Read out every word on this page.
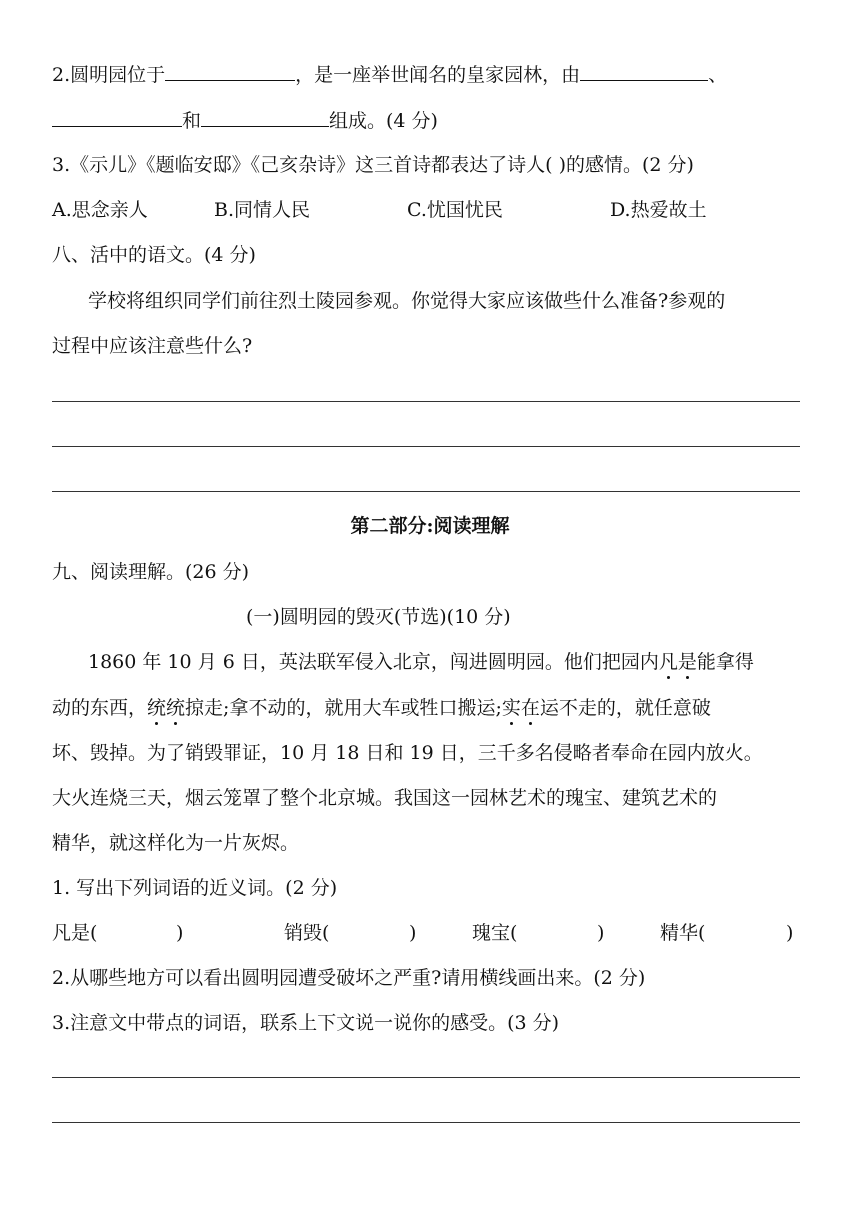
2.圆明园位于	，是一座举世闻名的皇家园林，由	、
和	组成。(4 分)
3.《示儿》《题临安邸》《己亥杂诗》这三首诗都表达了诗人( )的感情。(2 分)
A.思念亲人	B.同情人民	C.忧国忧民	D.热爱故土
八、活中的语文。(4 分)
学校将组织同学们前往烈土陵园参观。你觉得大家应该做些什么准备?参观的
过程中应该注意些什么?
第二部分:阅读理解
九、阅读理解。(26 分)
(一)圆明园的毁灭(节选)(10 分)
1860 年 10 月 6 日，英法联军侵入北京，闯进圆明园。他们把园内凡是能拿得
动的东西，统统掠走;拿不动的，就用大车或牲口搬运;实在运不走的，就任意破
坏、毁掉。为了销毁罪证，10 月 18 日和 19 日，三千多名侵略者奉命在园内放火。
大火连烧三天，烟云笼罩了整个北京城。我国这一园林艺术的瑰宝、建筑艺术的
精华，就这样化为一片灰烬。
1. 写出下列词语的近义词。(2 分)
凡是(	)	销毁(	)	瑰宝(	)	精华(	)
2.从哪些地方可以看出圆明园遭受破坏之严重?请用横线画出来。(2 分)
3.注意文中带点的词语，联系上下文说一说你的感受。(3 分)
